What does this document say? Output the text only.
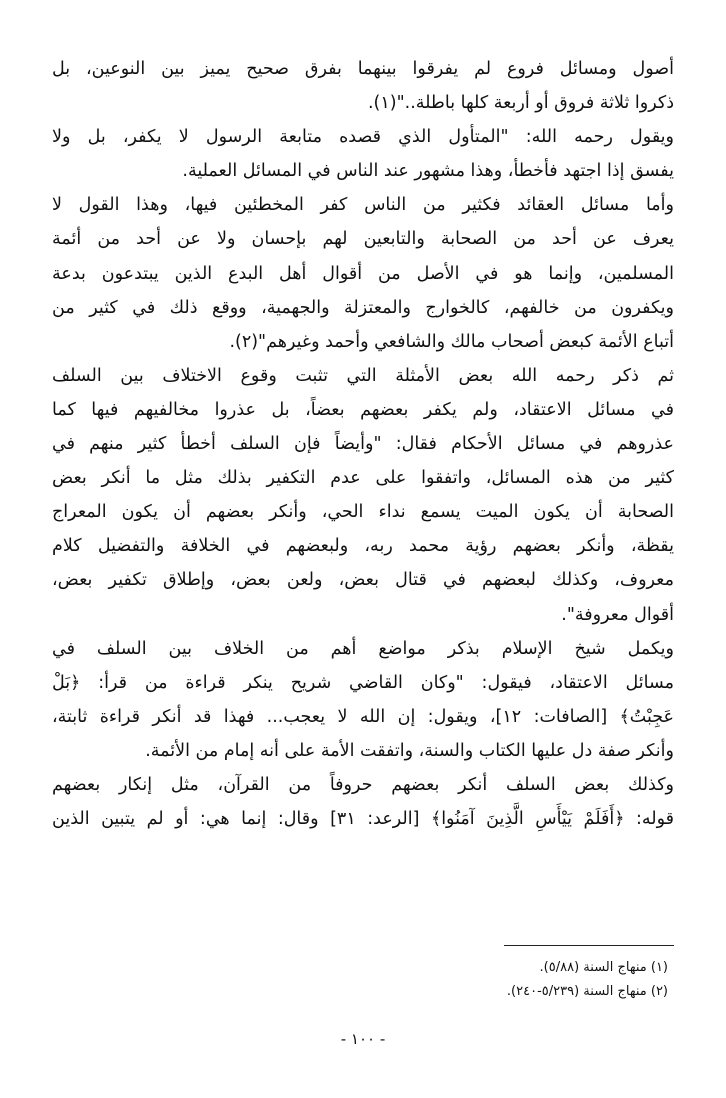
أصول ومسائل فروع لم يفرقوا بينهما بفرق صحيح يميز بين النوعين، بل
ذكروا ثلاثة فروق أو أربعة كلها باطلة.."(١).
ويقول رحمه الله: "المتأول الذي قصده متابعة الرسول لا يكفر، بل ولا
يفسق إذا اجتهد فأخطأ، وهذا مشهور عند الناس في المسائل العملية.
وأما مسائل العقائد فكثير من الناس كفر المخطئين فيها، وهذا القول لا
يعرف عن أحد من الصحابة والتابعين لهم بإحسان ولا عن أحد من أئمة
المسلمين، وإنما هو في الأصل من أقوال أهل البدع الذين يبتدعون بدعة
ويكفرون من خالفهم، كالخوارج والمعتزلة والجهمية، ووقع ذلك في كثير من
أتباع الأئمة كبعض أصحاب مالك والشافعي وأحمد وغيرهم"(٢).
ثم ذكر رحمه الله بعض الأمثلة التي تثبت وقوع الاختلاف بين السلف
في مسائل الاعتقاد، ولم يكفر بعضهم بعضاً، بل عذروا مخالفيهم فيها كما
عذروهم في مسائل الأحكام فقال: "وأيضاً فإن السلف أخطأ كثير منهم في
كثير من هذه المسائل، واتفقوا على عدم التكفير بذلك مثل ما أنكر بعض
الصحابة أن يكون الميت يسمع نداء الحي، وأنكر بعضهم أن يكون المعراج
يقظة، وأنكر بعضهم رؤية محمد ربه، ولبعضهم في الخلافة والتفضيل كلام
معروف، وكذلك لبعضهم في قتال بعض، ولعن بعض، وإطلاق تكفير بعض،
أقوال معروفة".
ويكمل شيخ الإسلام بذكر مواضع أهم من الخلاف بين السلف في
مسائل الاعتقاد، فيقول: "وكان القاضي شريح ينكر قراءة من قرأ: ﴿بَلْ
عَجِبْتُ﴾ [الصافات: ١٢]، ويقول: إن الله لا يعجب... فهذا قد أنكر قراءة ثابتة،
وأنكر صفة دل عليها الكتاب والسنة، واتفقت الأمة على أنه إمام من الأئمة.
وكذلك بعض السلف أنكر بعضهم حروفاً من القرآن، مثل إنكار بعضهم
قوله: ﴿أَفَلَمْ يَيْأَسِ الَّذِينَ آمَنُوا﴾ [الرعد: ٣١] وقال: إنما هي: أو لم يتبين الذين
(١) منهاج السنة (٥/٨٨).
(٢) منهاج السنة (٥/٢٣٩-٢٤٠).
- ١٠٠ -
